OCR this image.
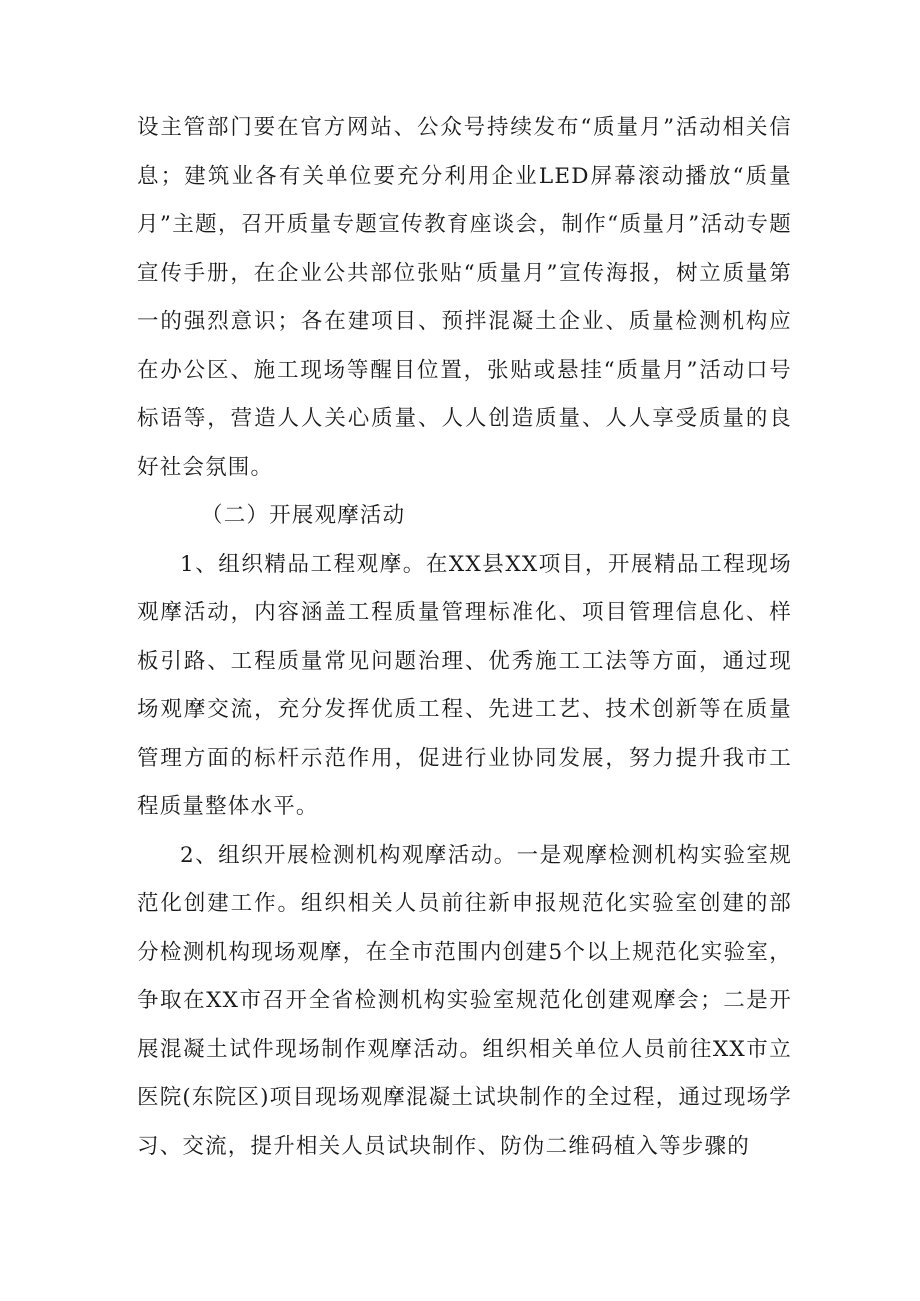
设主管部门要在官方网站、公众号持续发布“质量月”活动相关信息；建筑业各有关单位要充分利用企业LED屏幕滚动播放“质量月”主题，召开质量专题宣传教育座谈会，制作“质量月”活动专题宣传手册，在企业公共部位张贴“质量月”宣传海报，树立质量第一的强烈意识；各在建项目、预拌混凝土企业、质量检测机构应在办公区、施工现场等醒目位置，张贴或悬挂“质量月”活动口号标语等，营造人人关心质量、人人创造质量、人人享受质量的良好社会氛围。

（二）开展观摩活动

1、组织精品工程观摩。在XX县XX项目，开展精品工程现场观摩活动，内容涵盖工程质量管理标准化、项目管理信息化、样板引路、工程质量常见问题治理、优秀施工工法等方面，通过现场观摩交流，充分发挥优质工程、先进工艺、技术创新等在质量管理方面的标杆示范作用，促进行业协同发展，努力提升我市工程质量整体水平。

2、组织开展检测机构观摩活动。一是观摩检测机构实验室规范化创建工作。组织相关人员前往新申报规范化实验室创建的部分检测机构现场观摩，在全市范围内创建5个以上规范化实验室，争取在XX市召开全省检测机构实验室规范化创建观摩会；二是开展混凝土试件现场制作观摩活动。组织相关单位人员前往XX市立医院(东院区)项目现场观摩混凝土试块制作的全过程，通过现场学习、交流，提升相关人员试块制作、防伪二维码植入等步骤的
